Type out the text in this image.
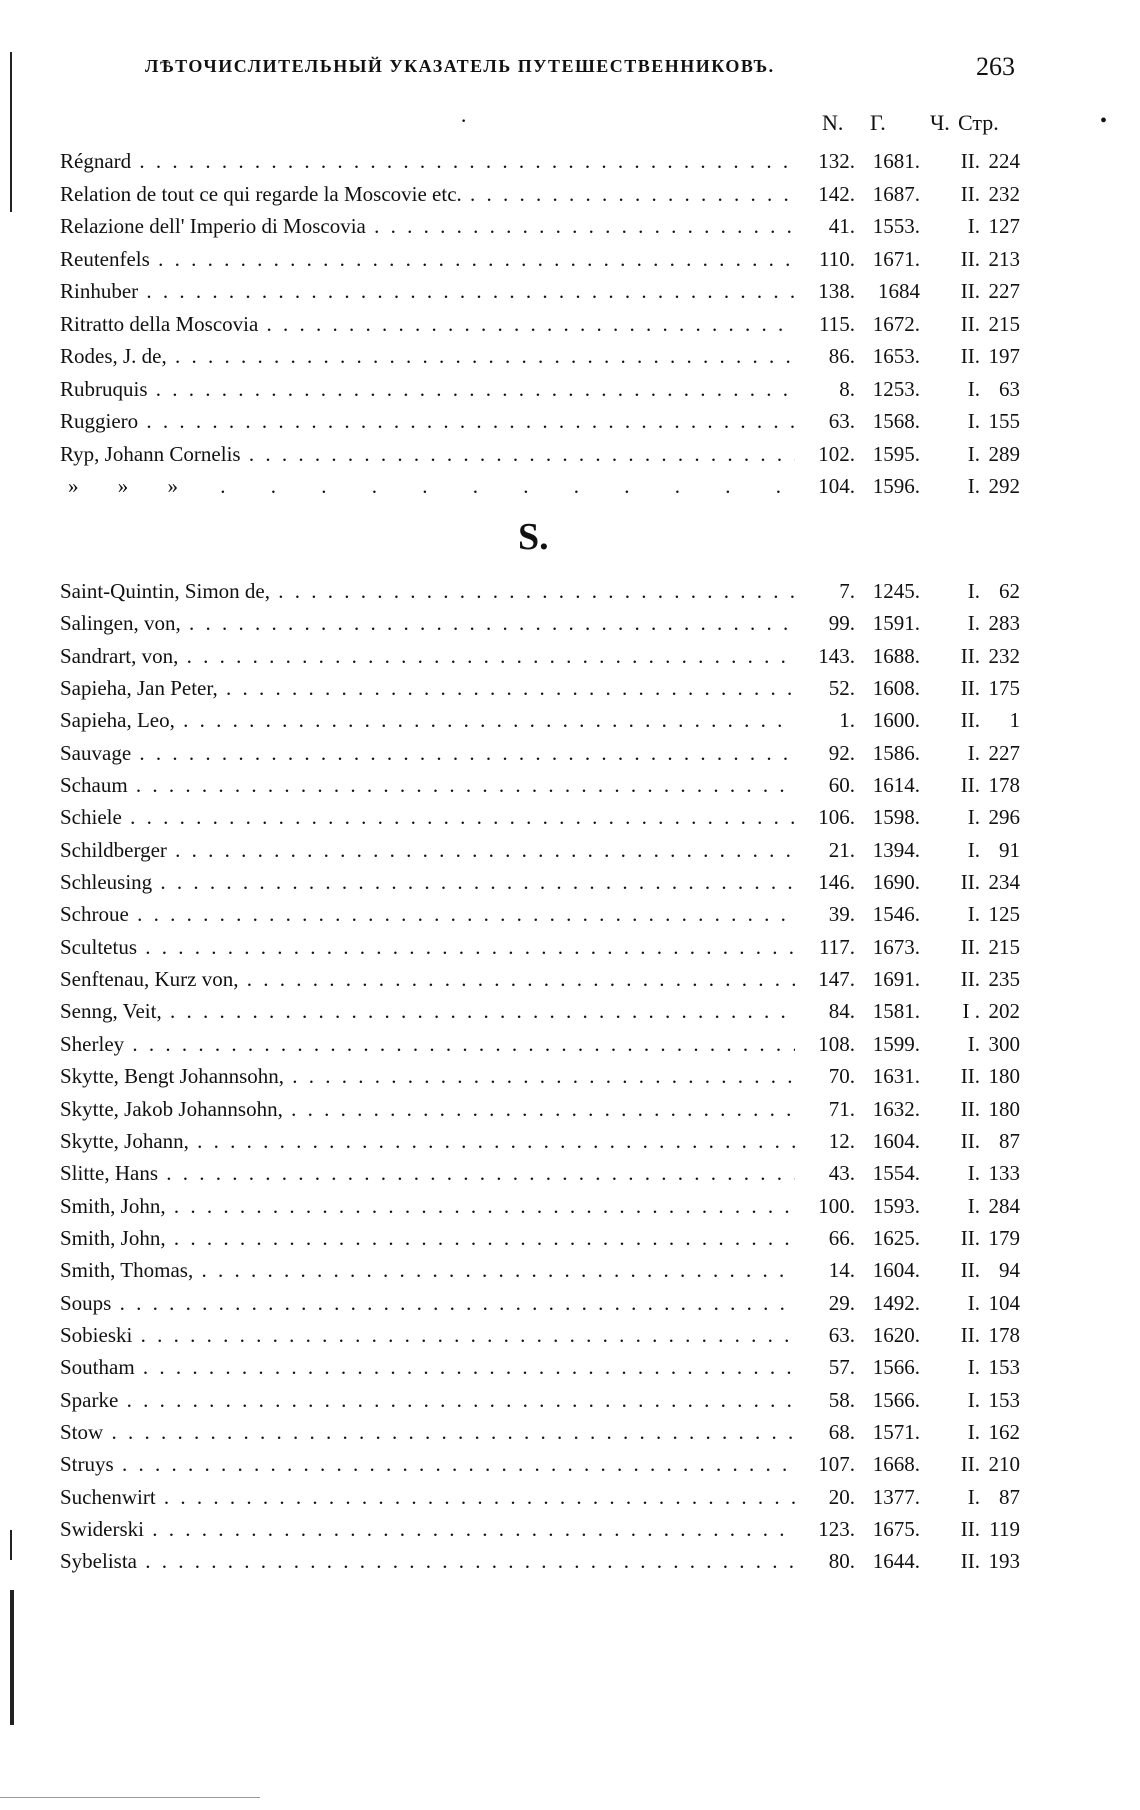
•
ЛѢТОЧИСЛИТЕЛЬНЫЙ УКАЗАТЕЛЬ ПУТЕШЕСТВЕННИКОВЪ.	263
·	N. Г. Ч. Стр.
Régnard . . .	132. 1681.	II. 224
Relation de tout ce qui regarde la Moscovie etc. . . .	142. 1687.	II. 232
Relazione dell' Imperio di Moscovia . . .	41. 1553.	I. 127
Reutenfels . . .	110. 1671.	II. 213
Rinhuber . . .	138.	1684	II. 227
Ritratto della Moscovia . . .	115. 1672.	II. 215
Rodes, J. de, . . .	86. 1653.	II. 197
Rubruquis . . .	8. 1253.	I. 63
Ruggiero . . .	63. 1568.	I. 155
Ryp, Johann Cornelis . . .	102. 1595.	I. 289
» » » . . .	104. 1596.	I. 292
S.
Saint-Quintin, Simon de, . . .	7. 1245.	I. 62
Salingen, von, . . .	99. 1591.	I. 283
Sandrart, von, . . .	143. 1688.	II. 232
Sapieha, Jan Peter, . . .	52. 1608.	II. 175
Sapieha, Leo, . . .	1. 1600.	II.	1
Sauvage . . .	92. 1586.	I. 227
Schaum . . .	60. 1614.	II. 178
Schiele . . .	106. 1598.	I. 296
Schildberger . . .	21. 1394.	I. 91
Schleusing . . .	146. 1690.	II. 234
Schroue . . .	39. 1546.	I. 125
Scultetus . . .	117. 1673.	II. 215
Senftenau, Kurz von, . . .	147. 1691.	II. 235
Senng, Veit, . . .	84. 1581.	I . 202
Sherley . . .	108. 1599.	I. 300
Skytte, Bengt Johannsohn, . . .	70. 1631.	II. 180
Skytte, Jakob Johannsohn, . . .	71. 1632.	II. 180
Skytte, Johann, . . .	12. 1604.	II. 87
Slitte, Hans . . .	43. 1554.	I. 133
Smith, John, . . .	100. 1593.	I. 284
Smith, John, . . .	66. 1625.	II. 179
Smith, Thomas, . . .	14. 1604.	II. 94
Soups . . .	29. 1492.	I. 104
Sobieski . . .	63. 1620.	II. 178
Southam . . .	57. 1566.	I. 153
Sparke . . .	58. 1566.	I. 153
Stow . . .	68. 1571.	I. 162
Struys . . .	107. 1668.	II. 210
Suchenwirt . . .	20. 1377.	I. 87
Swiderski . . .	123. 1675.	II. 119
Sybelista . . .	80. 1644.	II. 193
